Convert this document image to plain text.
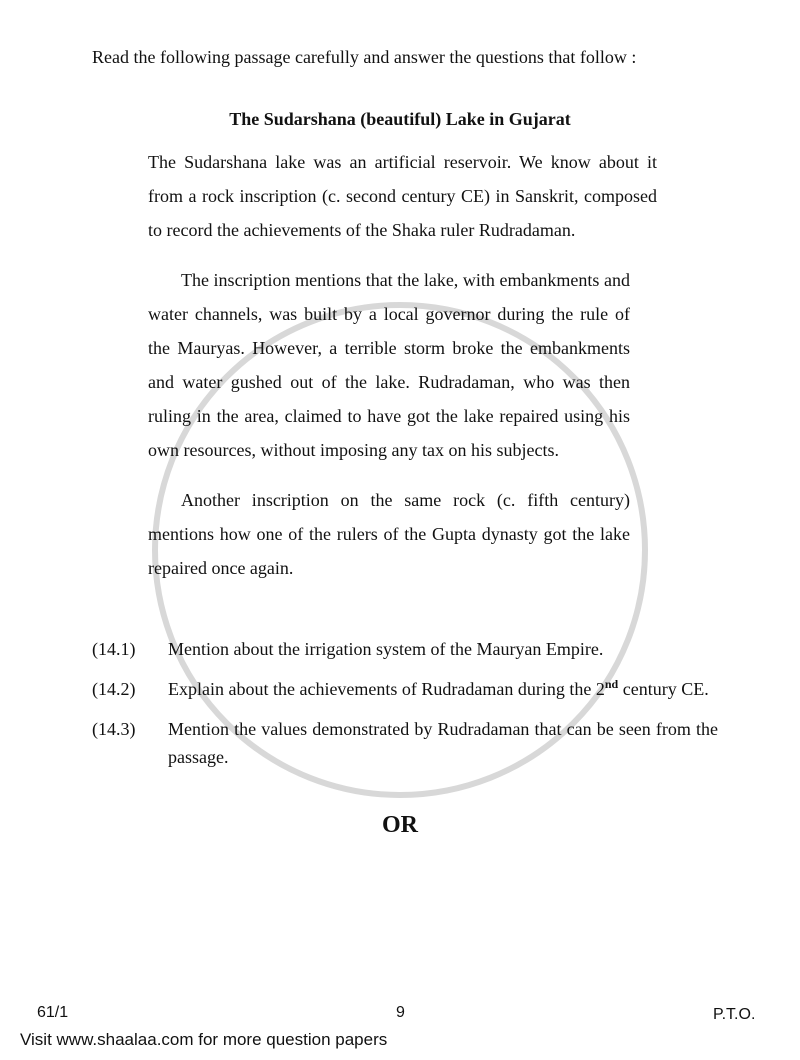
Read the following passage carefully and answer the questions that follow :
The Sudarshana (beautiful) Lake in Gujarat
The Sudarshana lake was an artificial reservoir. We know about it from a rock inscription (c. second century CE) in Sanskrit, composed to record the achievements of the Shaka ruler Rudradaman.
The inscription mentions that the lake, with embankments and water channels, was built by a local governor during the rule of the Mauryas. However, a terrible storm broke the embankments and water gushed out of the lake. Rudradaman, who was then ruling in the area, claimed to have got the lake repaired using his own resources, without imposing any tax on his subjects.
Another inscription on the same rock (c. fifth century) mentions how one of the rulers of the Gupta dynasty got the lake repaired once again.
(14.1)	Mention about the irrigation system of the Mauryan Empire.
(14.2)	Explain about the achievements of Rudradaman during the 2nd century CE.
(14.3)	Mention the values demonstrated by Rudradaman that can be seen from the passage.
OR
61/1	9	P.T.O.
Visit www.shaalaa.com for more question papers
